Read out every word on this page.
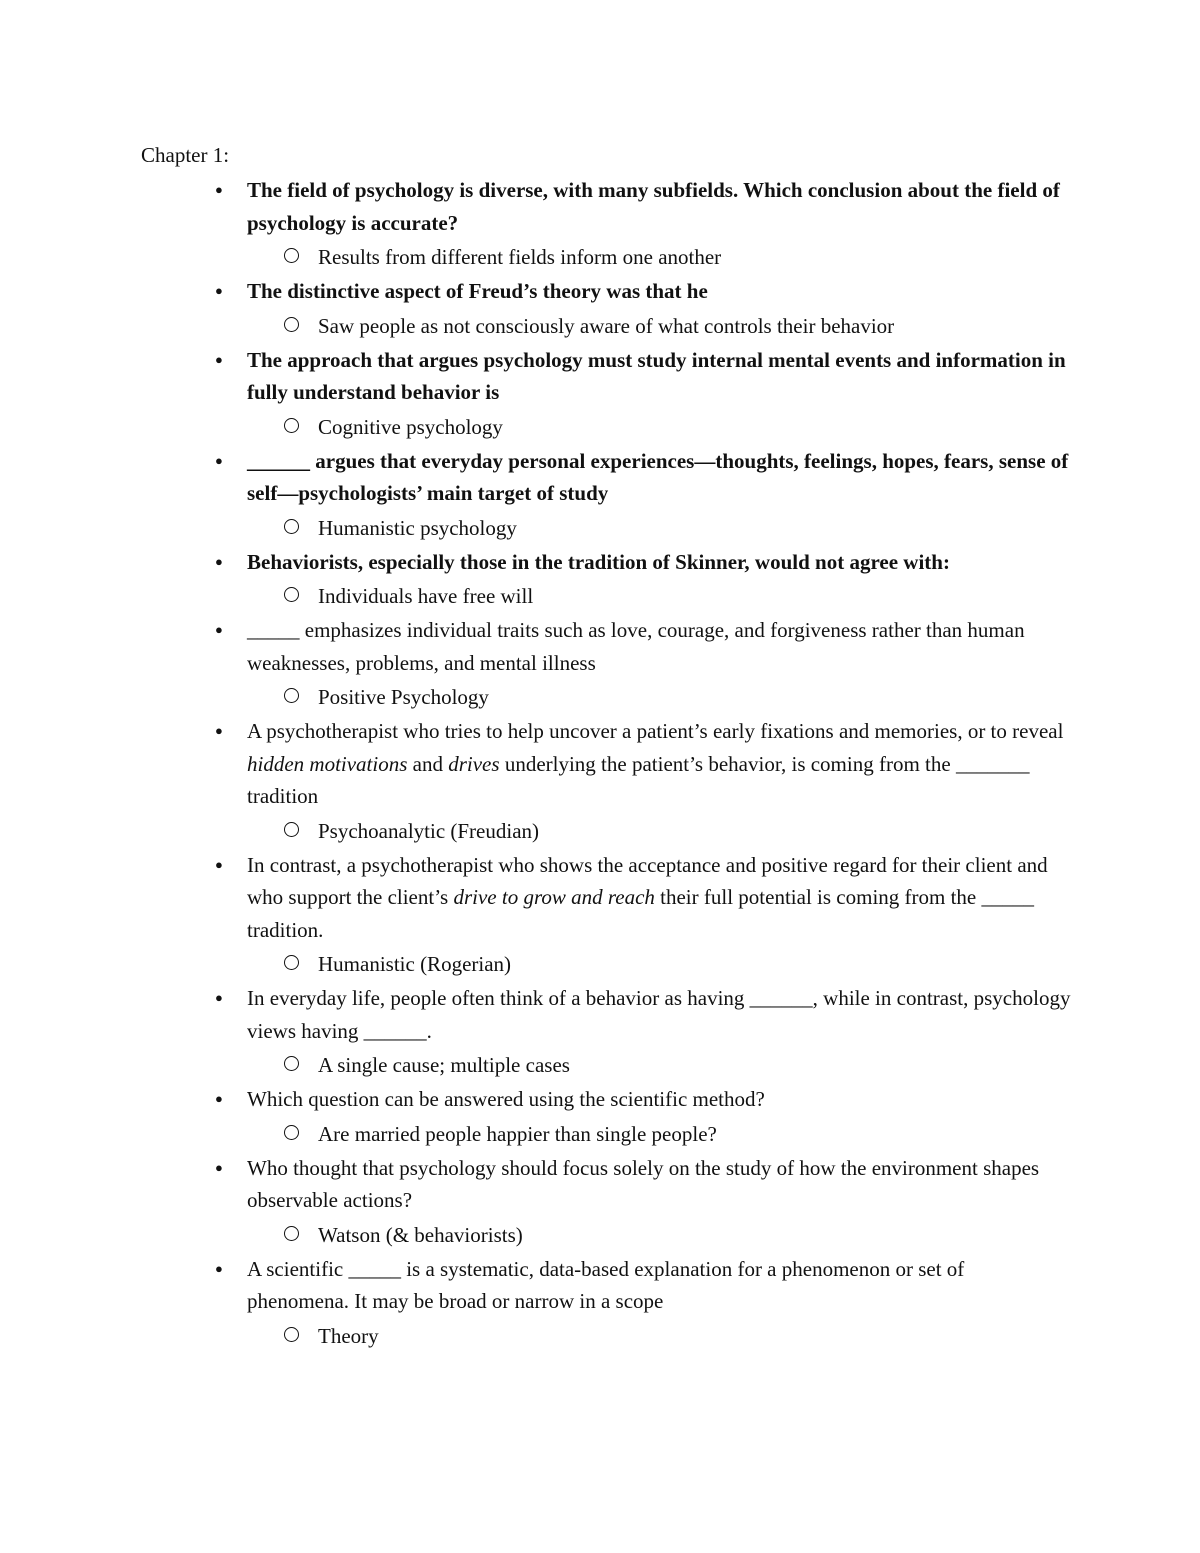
Chapter 1:
● The field of psychology is diverse, with many subfields. Which conclusion about the field of psychology is accurate?
Results from different fields inform one another
● The distinctive aspect of Freud’s theory was that he
Saw people as not consciously aware of what controls their behavior
● The approach that argues psychology must study internal mental events and information in fully understand behavior is
Cognitive psychology
● ______ argues that everyday personal experiences—thoughts, feelings, hopes, fears, sense of self—psychologists’ main target of study
Humanistic psychology
● Behaviorists, especially those in the tradition of Skinner, would not agree with:
Individuals have free will
● _____ emphasizes individual traits such as love, courage, and forgiveness rather than human weaknesses, problems, and mental illness
Positive Psychology
● A psychotherapist who tries to help uncover a patient’s early fixations and memories, or to reveal hidden motivations and drives underlying the patient’s behavior, is coming from the _______ tradition
Psychoanalytic (Freudian)
● In contrast, a psychotherapist who shows the acceptance and positive regard for their client and who support the client’s drive to grow and reach their full potential is coming from the _____ tradition.
Humanistic (Rogerian)
● In everyday life, people often think of a behavior as having ______, while in contrast, psychology views having ______.
A single cause; multiple cases
● Which question can be answered using the scientific method?
Are married people happier than single people?
● Who thought that psychology should focus solely on the study of how the environment shapes observable actions?
Watson (& behaviorists)
● A scientific _____ is a systematic, data-based explanation for a phenomenon or set of phenomena. It may be broad or narrow in a scope
Theory
